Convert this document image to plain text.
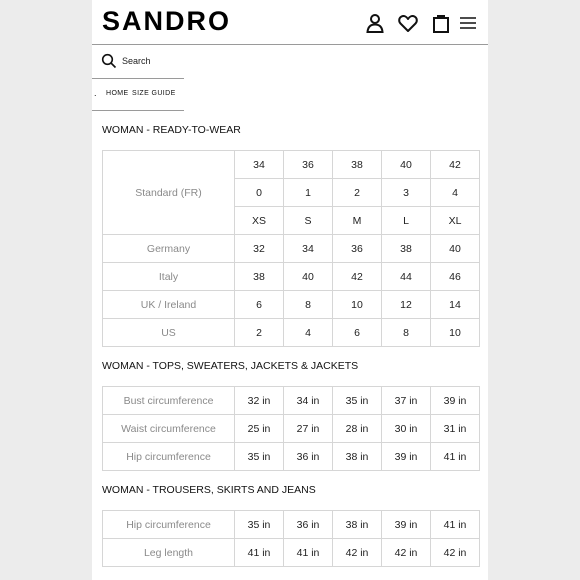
SANDRO
Search
. HOME SIZE GUIDE
WOMAN - READY-TO-WEAR
Standard (FR)	34	36	38	40	42
	0	1	2	3	4
	XS	S	M	L	XL
Germany	32	34	36	38	40
Italy	38	40	42	44	46
UK / Ireland	6	8	10	12	14
US	2	4	6	8	10
WOMAN - TOPS, SWEATERS, JACKETS & JACKETS
Bust circumference	32 in	34 in	35 in	37 in	39 in
Waist circumference	25 in	27 in	28 in	30 in	31 in
Hip circumference	35 in	36 in	38 in	39 in	41 in
WOMAN - TROUSERS, SKIRTS AND JEANS
Hip circumference	35 in	36 in	38 in	39 in	41 in
Leg length	41 in	41 in	42 in	42 in	42 in
